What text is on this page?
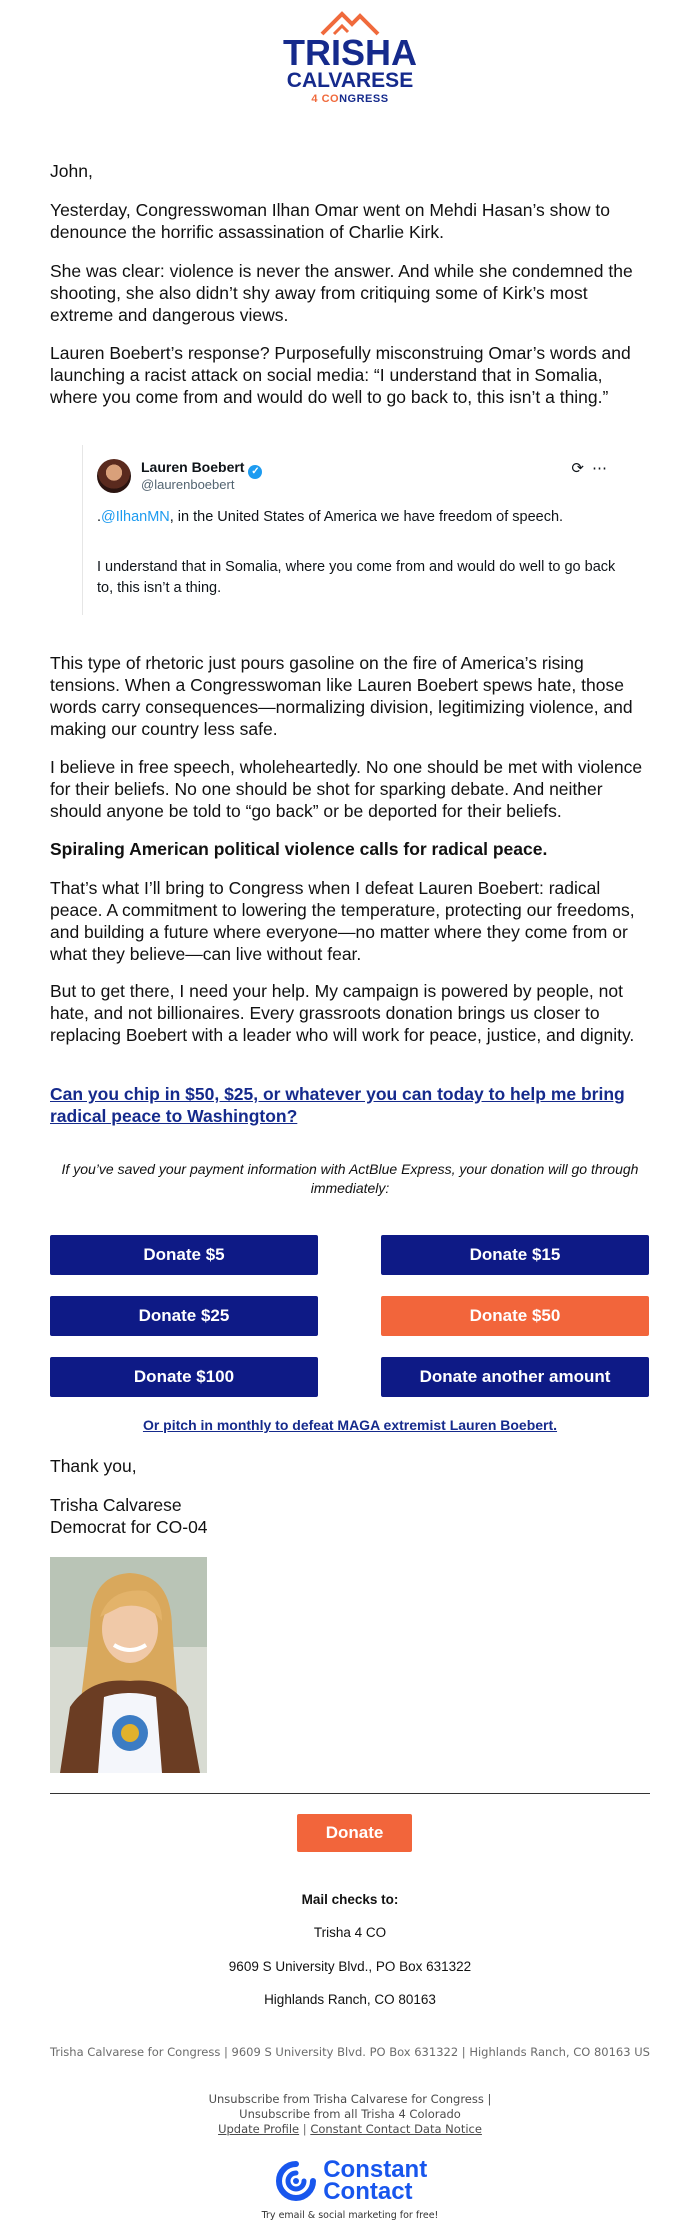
TRISHA
CALVARESE
4 CONGRESS

John,

Yesterday, Congresswoman Ilhan Omar went on Mehdi Hasan’s show to denounce the horrific assassination of Charlie Kirk.

She was clear: violence is never the answer. And while she condemned the shooting, she also didn’t shy away from critiquing some of Kirk’s most extreme and dangerous views.

Lauren Boebert’s response? Purposefully misconstruing Omar’s words and launching a racist attack on social media: “I understand that in Somalia, where you come from and would do well to go back to, this isn’t a thing.”

Lauren Boebert ✓
@laurenboebert
⟳⋯
.@IlhanMN, in the United States of America we have freedom of speech.
I understand that in Somalia, where you come from and would do well to go back to, this isn’t a thing.

This type of rhetoric just pours gasoline on the fire of America’s rising tensions. When a Congresswoman like Lauren Boebert spews hate, those words carry consequences—normalizing division, legitimizing violence, and making our country less safe.

I believe in free speech, wholeheartedly. No one should be met with violence for their beliefs. No one should be shot for sparking debate. And neither should anyone be told to “go back” or be deported for their beliefs.

Spiraling American political violence calls for radical peace.

That’s what I’ll bring to Congress when I defeat Lauren Boebert: radical peace. A commitment to lowering the temperature, protecting our freedoms, and building a future where everyone—no matter where they come from or what they believe—can live without fear.

But to get there, I need your help. My campaign is powered by people, not hate, and not billionaires. Every grassroots donation brings us closer to replacing Boebert with a leader who will work for peace, justice, and dignity.

Can you chip in $50, $25, or whatever you can today to help me bring radical peace to Washington?
If you’ve saved your payment information with ActBlue Express, your donation will go through immediately:
Donate $5	Donate $15
Donate $25	Donate $50
Donate $100	Donate another amount
Or pitch in monthly to defeat MAGA extremist Lauren Boebert.

Thank you,

Trisha Calvarese

Democrat for CO-04

Donate
Mail checks to:
Trisha 4 CO
9609 S University Blvd., PO Box 631322
Highlands Ranch, CO 80163
Trisha Calvarese for Congress | 9609 S University Blvd. PO Box 631322 | Highlands Ranch, CO 80163 US
Unsubscribe from Trisha Calvarese for Congress |
Unsubscribe from all Trisha 4 Colorado
Update Profile | Constant Contact Data Notice

Constant
Contact
Try email & social marketing for free!
